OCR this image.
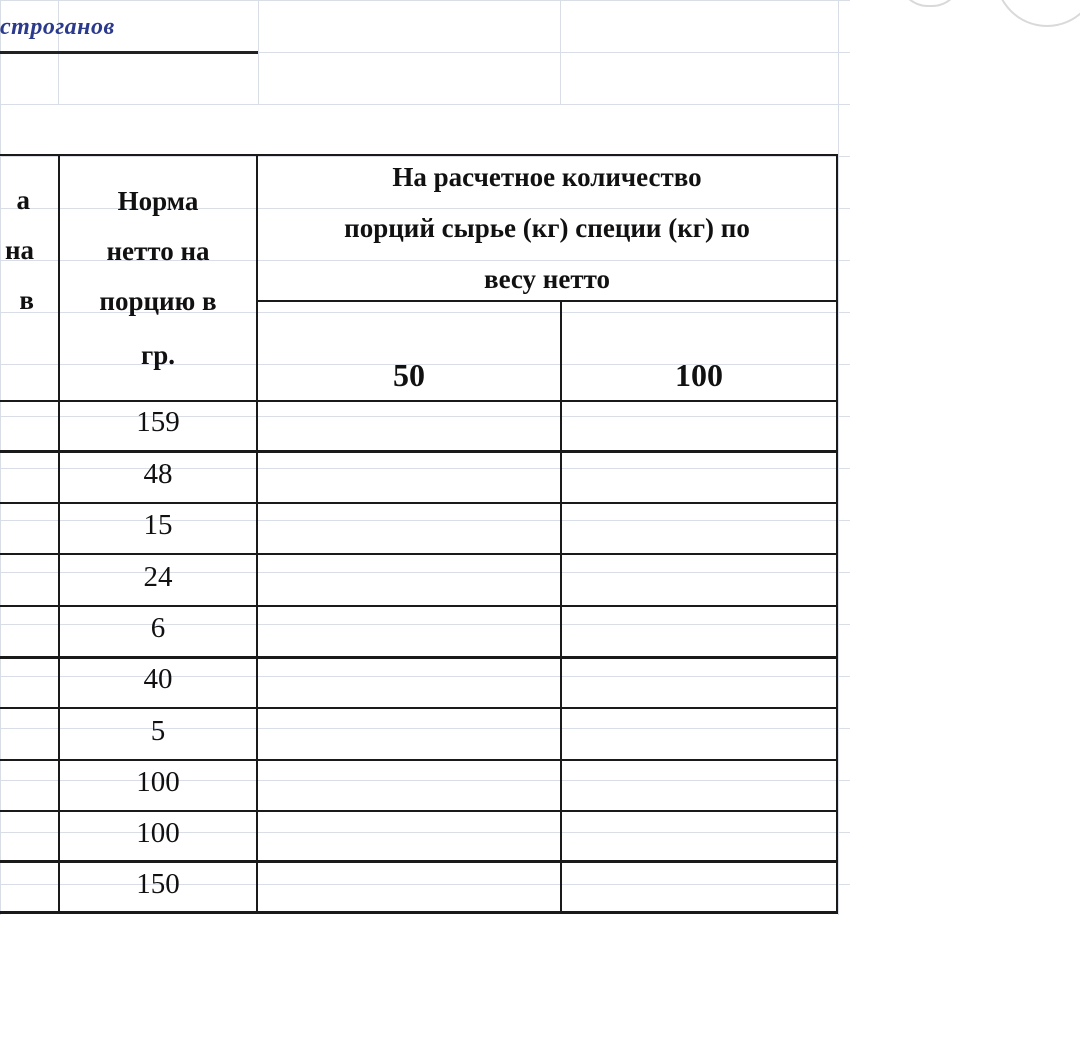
строганов
а
на
в
Норма
нетто на
порцию в
гр.
На расчетное количество
порций сырье (кг) специи (кг) по
весу нетто
50	100
159
48
15
24
6
40
5
100
100
150
